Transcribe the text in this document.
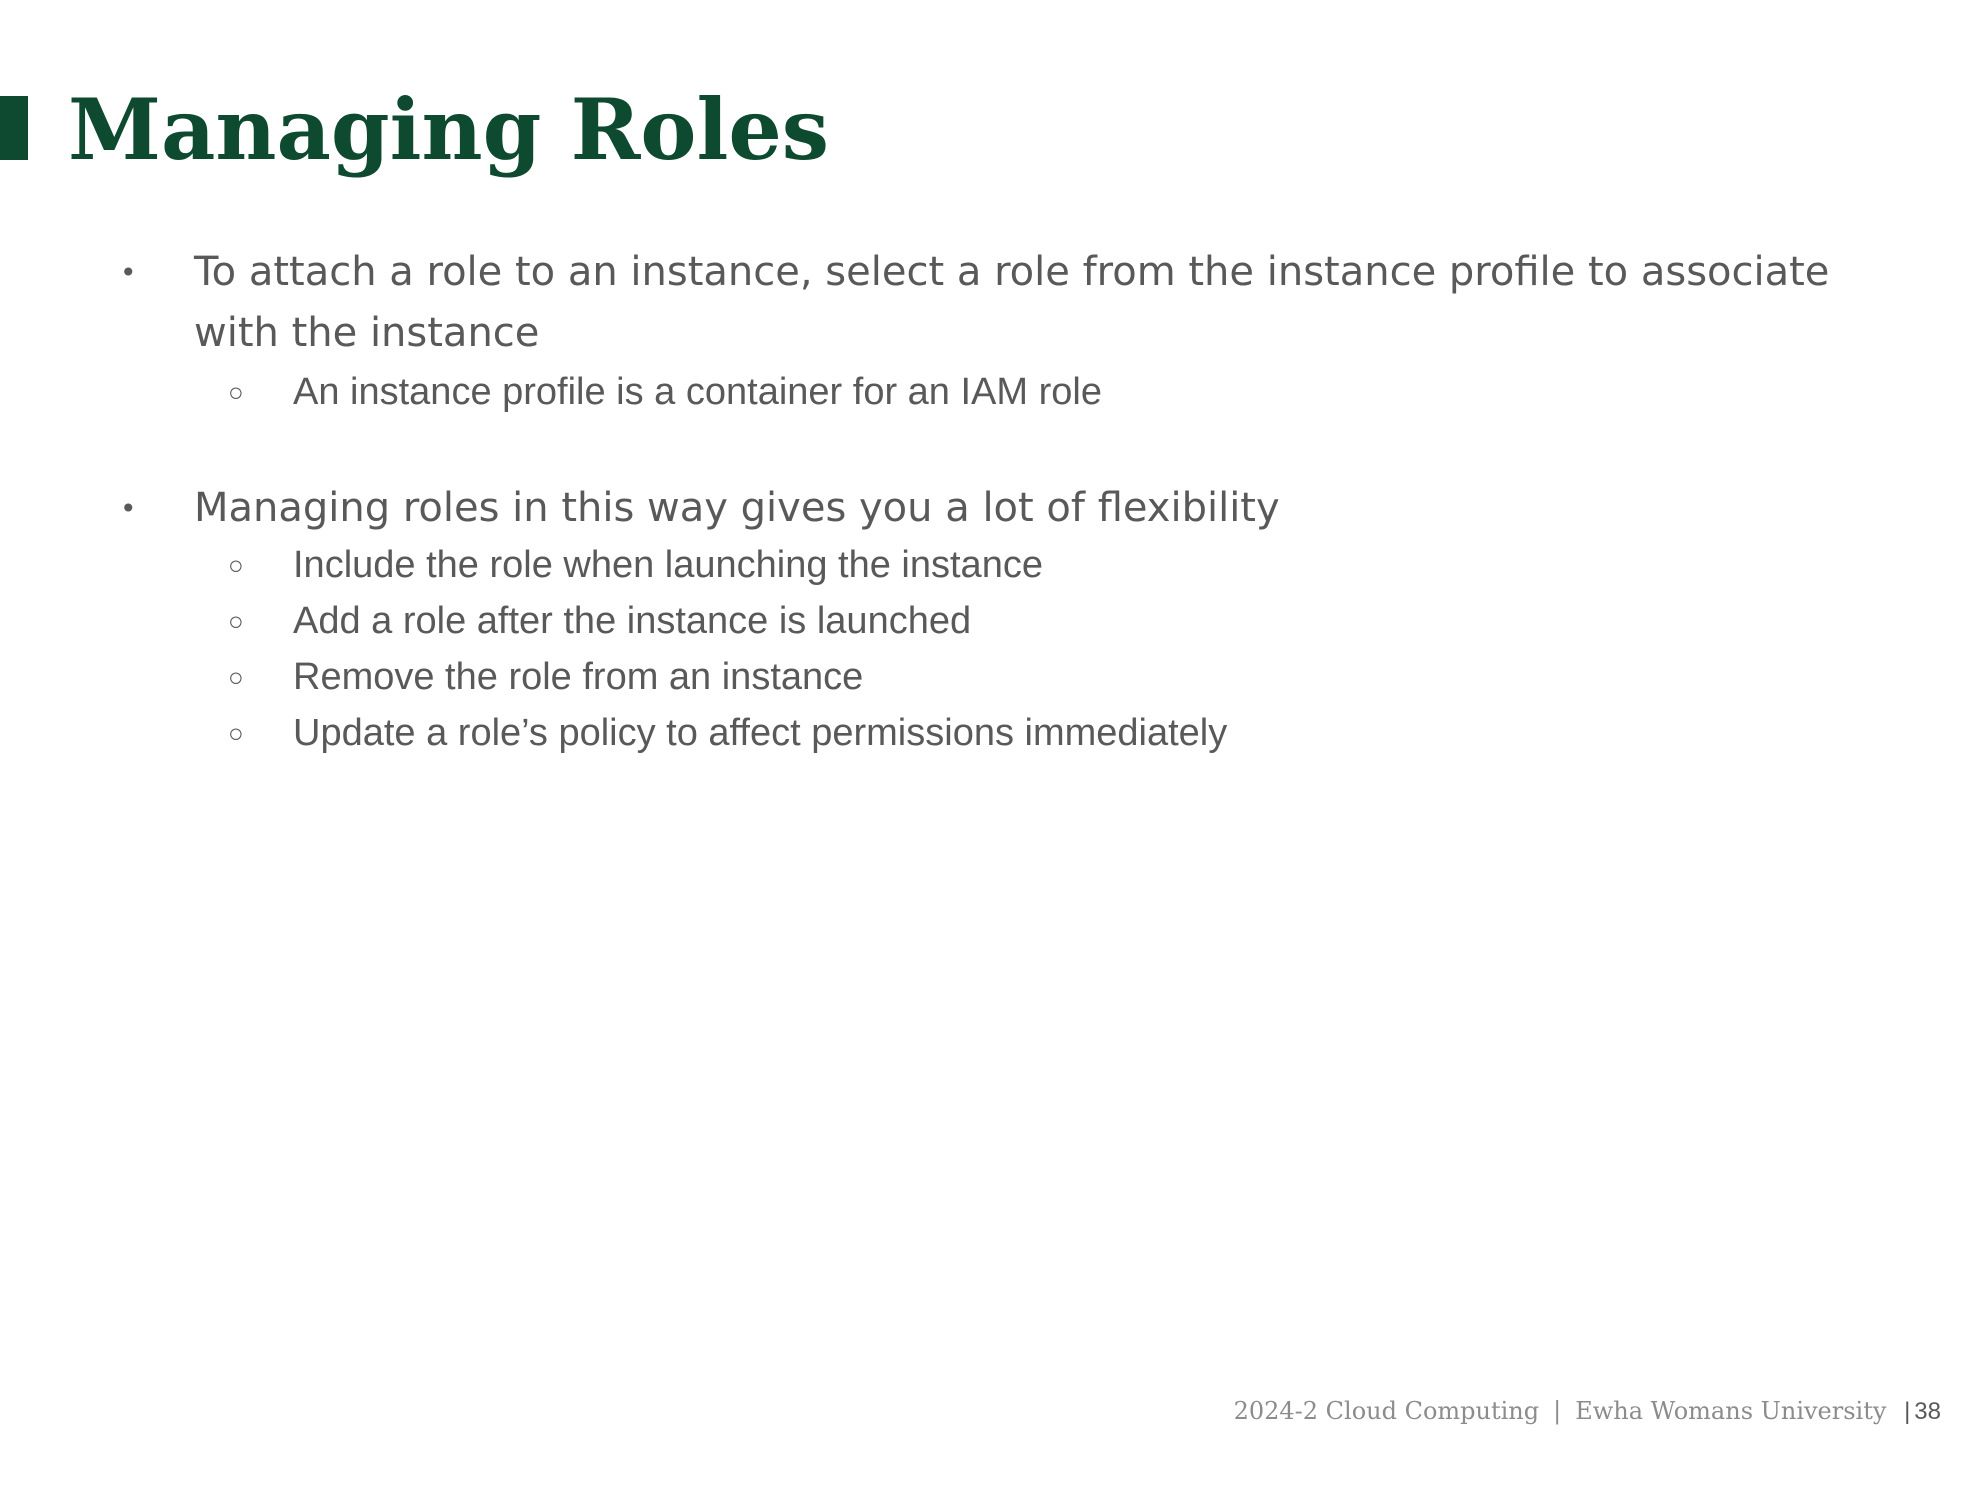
Managing Roles
• To attach a role to an instance, select a role from the instance profile to associate with the instance
○ An instance profile is a container for an IAM role
• Managing roles in this way gives you a lot of flexibility
○ Include the role when launching the instance
○ Add a role after the instance is launched
○ Remove the role from an instance
○ Update a role’s policy to affect permissions immediately
2024-2 Cloud Computing | Ewha Womans University | 38
